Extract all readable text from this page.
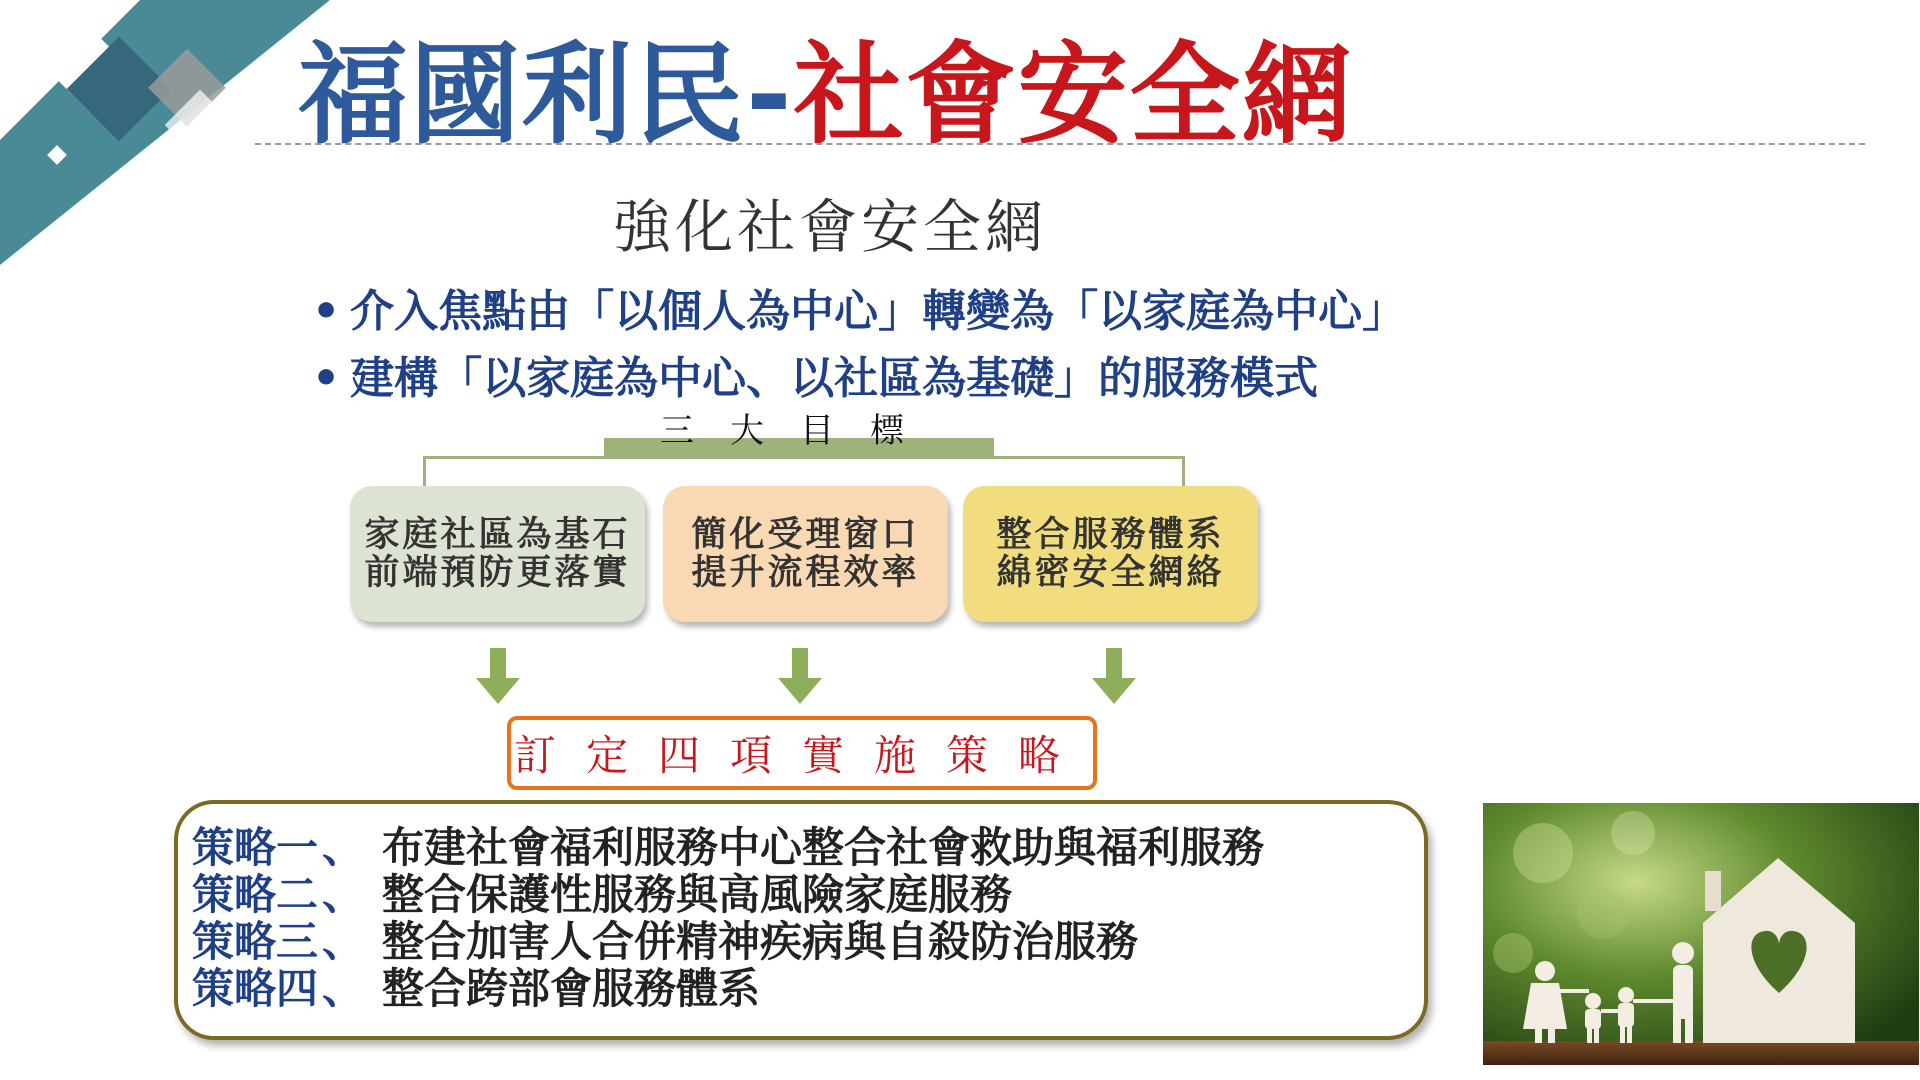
福國利民-社會安全網
強化社會安全網
• 介入焦點由「以個人為中心」轉變為「以家庭為中心」
• 建構「以家庭為中心、以社區為基礎」的服務模式
三大目標
家庭社區為基石
前端預防更落實
簡化受理窗口
提升流程效率
整合服務體系
綿密安全網絡
訂定四項實施策略
策略一、 布建社會福利服務中心整合社會救助與福利服務
策略二、 整合保護性服務與高風險家庭服務
策略三、 整合加害人合併精神疾病與自殺防治服務
策略四、 整合跨部會服務體系
